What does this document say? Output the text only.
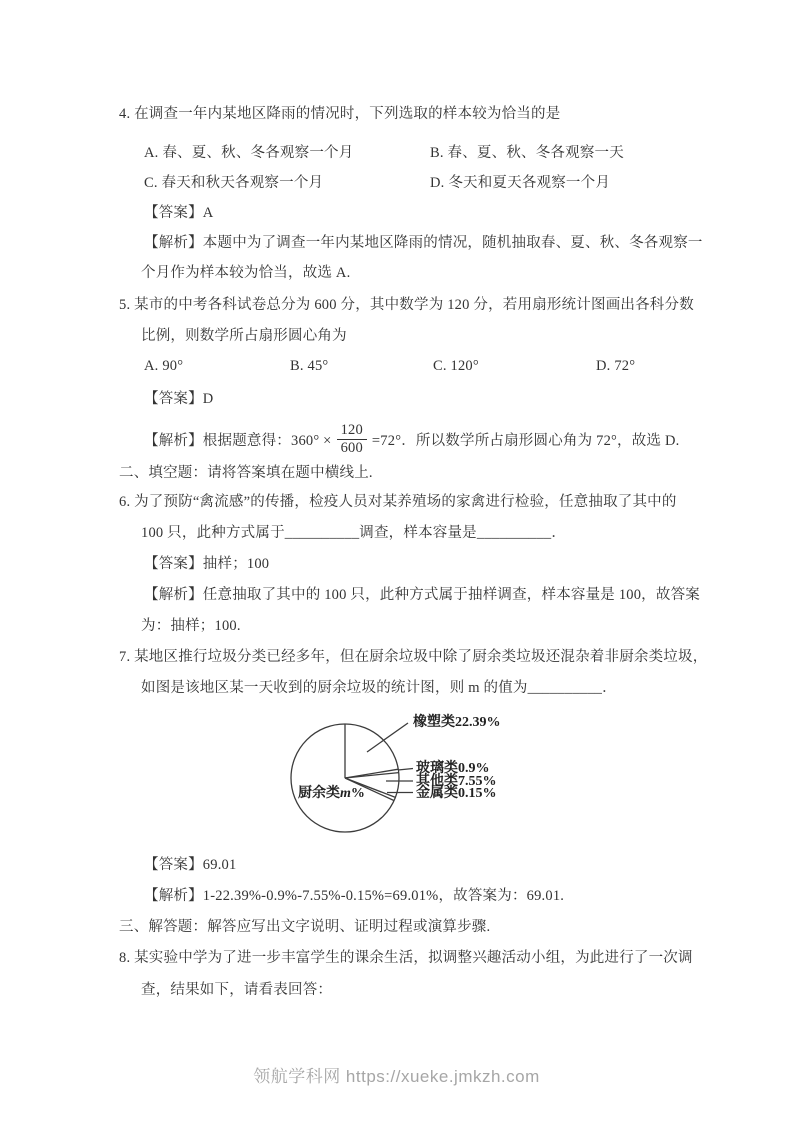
4. 在调查一年内某地区降雨的情况时，下列选取的样本较为恰当的是
A. 春、夏、秋、冬各观察一个月	B. 春、夏、秋、冬各观察一天
C. 春天和秋天各观察一个月	D. 冬天和夏天各观察一个月
【答案】A
【解析】本题中为了调查一年内某地区降雨的情况，随机抽取春、夏、秋、冬各观察一
个月作为样本较为恰当，故选 A.
5. 某市的中考各科试卷总分为 600 分，其中数学为 120 分，若用扇形统计图画出各科分数
比例，则数学所占扇形圆心角为
A. 90°	B. 45°	C. 120°	D. 72°
【答案】D
【解析】根据题意得：$360^\circ \times \frac{120}{600} =72^\circ$．所以数学所占扇形圆心角为 72°，故选 D.
二、填空题：请将答案填在题中横线上.
6. 为了预防“禽流感”的传播，检疫人员对某养殖场的家禽进行检验，任意抽取了其中的
100 只，此种方式属于__________调查，样本容量是__________．
【答案】抽样；100
【解析】任意抽取了其中的 100 只，此种方式属于抽样调查，样本容量是 100，故答案
为：抽样；100.
7. 某地区推行垃圾分类已经多年，但在厨余垃圾中除了厨余类垃圾还混杂着非厨余类垃圾，
如图是该地区某一天收到的厨余垃圾的统计图，则 m 的值为__________．
橡塑类22.39%
玻璃类0.9%
其他类7.55%
金属类0.15%
厨余类m%
【答案】69.01
【解析】1-22.39%-0.9%-7.55%-0.15%=69.01%，故答案为：69.01.
三、解答题：解答应写出文字说明、证明过程或演算步骤.
8. 某实验中学为了进一步丰富学生的课余生活，拟调整兴趣活动小组，为此进行了一次调
查，结果如下，请看表回答：
领航学科网 https://xueke.jmkzh.com
